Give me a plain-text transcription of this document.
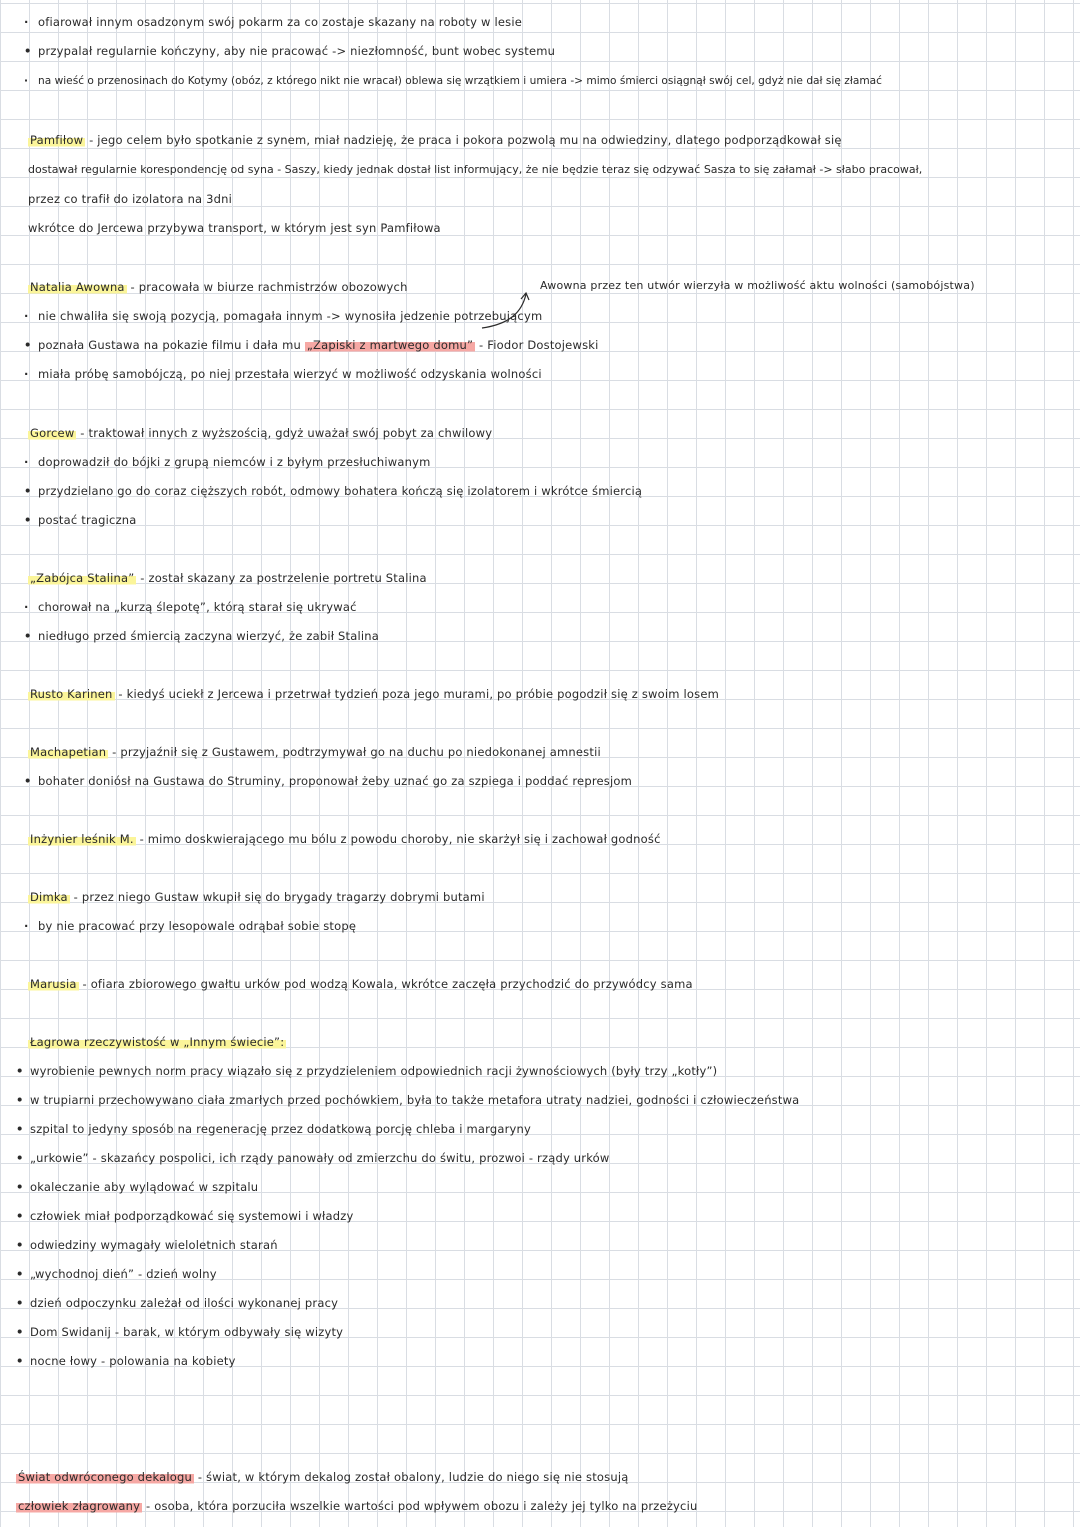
· ofiarował innym osadzonym swój pokarm za co zostaje skazany na roboty w lesie
• przypalał regularnie kończyny, aby nie pracować -> niezłomność, bunt wobec systemu
· na wieść o przenosinach do Kotymy (obóz, z którego nikt nie wracał) oblewa się wrzątkiem i umiera -> mimo śmierci osiągnął swój cel, gdyż nie dał się złamać
Pamfiłow - jego celem było spotkanie z synem, miał nadzieję, że praca i pokora pozwolą mu na odwiedziny, dlatego podporządkował się
dostawał regularnie korespondencję od syna - Saszy, kiedy jednak dostał list informujący, że nie będzie teraz się odzywać Sasza to się załamał -> słabo pracował,
przez co trafił do izolatora na 3dni
wkrótce do Jercewa przybywa transport, w którym jest syn Pamfiłowa
Natalia Awowna - pracowała w biurze rachmistrzów obozowych	Awowna przez ten utwór wierzyła w możliwość aktu wolności (samobójstwa)
· nie chwaliła się swoją pozycją, pomagała innym -> wynosiła jedzenie potrzebującym
• poznała Gustawa na pokazie filmu i dała mu „Zapiski z martwego domu” - Fiodor Dostojewski
· miała próbę samobójczą, po niej przestała wierzyć w możliwość odzyskania wolności
Gorcew - traktował innych z wyższością, gdyż uważał swój pobyt za chwilowy
· doprowadził do bójki z grupą niemców i z byłym przesłuchiwanym
• przydzielano go do coraz cięższych robót, odmowy bohatera kończą się izolatorem i wkrótce śmiercią
• postać tragiczna
„Zabójca Stalina” - został skazany za postrzelenie portretu Stalina
· chorował na „kurzą ślepotę”, którą starał się ukrywać
• niedługo przed śmiercią zaczyna wierzyć, że zabił Stalina
Rusto Karinen - kiedyś uciekł z Jercewa i przetrwał tydzień poza jego murami, po próbie pogodził się z swoim losem
Machapetian - przyjaźnił się z Gustawem, podtrzymywał go na duchu po niedokonanej amnestii
• bohater doniósł na Gustawa do Struminy, proponował żeby uznać go za szpiega i poddać represjom
Inżynier leśnik M. - mimo doskwierającego mu bólu z powodu choroby, nie skarżył się i zachował godność
Dimka - przez niego Gustaw wkupił się do brygady tragarzy dobrymi butami
· by nie pracować przy lesopowale odrąbał sobie stopę
Marusia - ofiara zbiorowego gwałtu urków pod wodzą Kowala, wkrótce zaczęła przychodzić do przywódcy sama
Łagrowa rzeczywistość w „Innym świecie”:
• wyrobienie pewnych norm pracy wiązało się z przydzieleniem odpowiednich racji żywnościowych (były trzy „kotły”)
• w trupiarni przechowywano ciała zmarłych przed pochówkiem, była to także metafora utraty nadziei, godności i człowieczeństwa
• szpital to jedyny sposób na regenerację przez dodatkową porcję chleba i margaryny
• „urkowie” - skazańcy pospolici, ich rządy panowały od zmierzchu do świtu, prozwoi - rządy urków
• okaleczanie aby wylądować w szpitalu
• człowiek miał podporządkować się systemowi i władzy
• odwiedziny wymagały wieloletnich starań
• „wychodnoj dień” - dzień wolny
• dzień odpoczynku zależał od ilości wykonanej pracy
• Dom Swidanij - barak, w którym odbywały się wizyty
• nocne łowy - polowania na kobiety
Świat odwróconego dekalogu - świat, w którym dekalog został obalony, ludzie do niego się nie stosują
człowiek złagrowany - osoba, która porzuciła wszelkie wartości pod wpływem obozu i zależy jej tylko na przeżyciu
